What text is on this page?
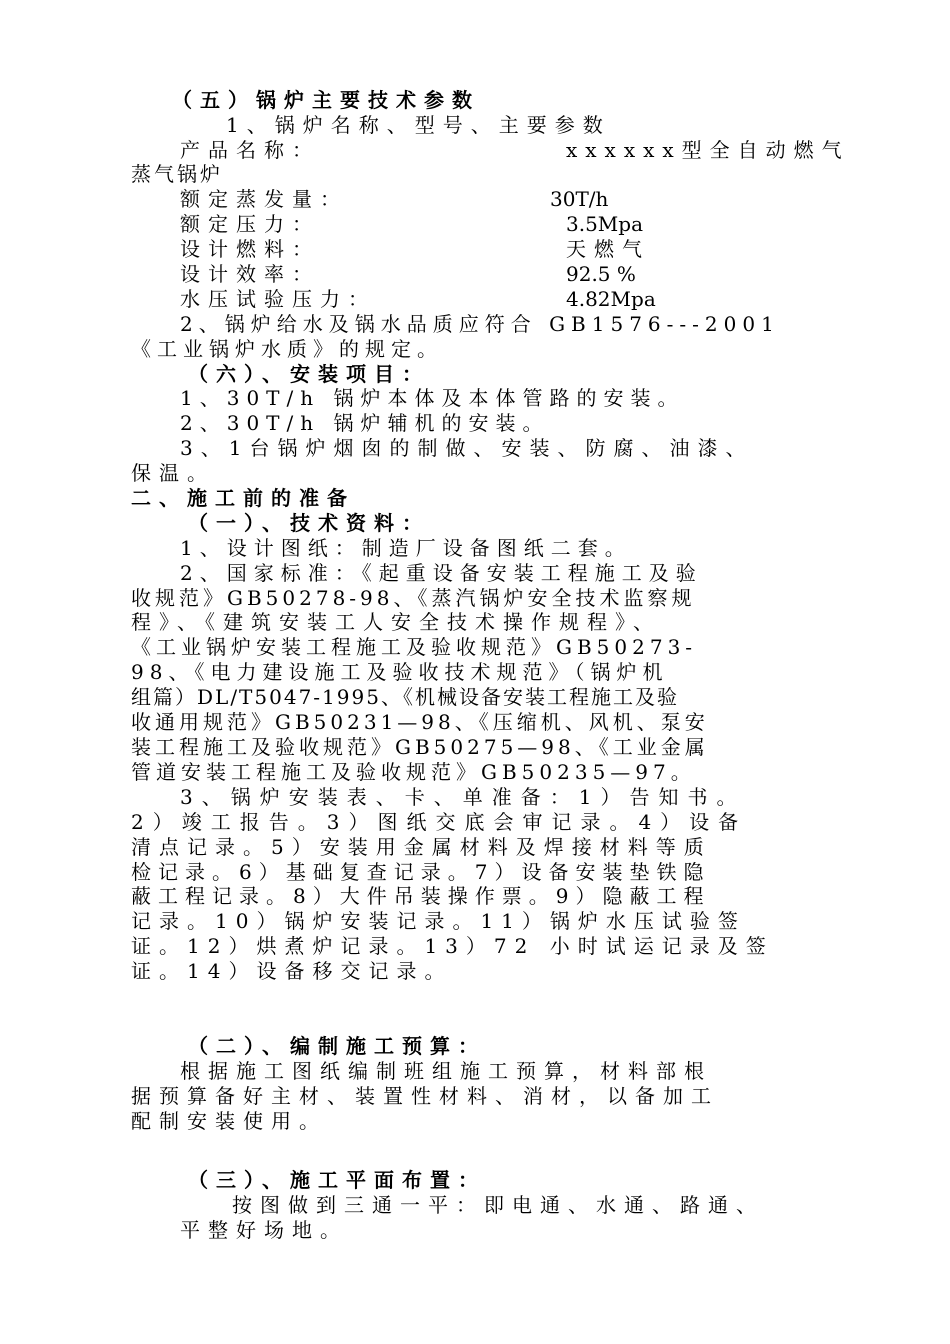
（五）锅炉主要技术参数
1、锅炉名称、型号、主要参数
产品名称：	xxxxxx型全自动燃气
蒸气锅炉
额定蒸发量：	30T/h
额定压力：	3.5Mpa
设计燃料：	天燃气
设计效率：	92.5 %
水压试验压力：	4.82Mpa
2、锅炉给水及锅水品质应符合 GB1576---2001
《工业锅炉水质》的规定。
（六）、安装项目：
1、30T/h 锅炉本体及本体管路的安装。
2、30T/h 锅炉辅机的安装。
3、1台锅炉烟囱的制做、安装、防腐、油漆、
保温。
二、施工前的准备
（一）、技术资料：
1、设计图纸：制造厂设备图纸二套。
2、国家标准：《起重设备安装工程施工及验
收规范》GB50278-98、《蒸汽锅炉安全技术监察规
程》、《建筑安装工人安全技术操作规程》、
《工业锅炉安装工程施工及验收规范》GB50273-
98、《电力建设施工及验收技术规范》（锅炉机
组篇）DL/T5047-1995、《机械设备安装工程施工及验
收通用规范》GB50231—98、《压缩机、风机、泵安
装工程施工及验收规范》GB50275—98、《工业金属
管道安装工程施工及验收规范》GB50235—97。
3、锅炉安装表、卡、单准备：1）告知书。
2）竣工报告。3）图纸交底会审记录。4）设备
清点记录。5）安装用金属材料及焊接材料等质
检记录。6）基础复查记录。7）设备安装垫铁隐
蔽工程记录。8）大件吊装操作票。9）隐蔽工程
记录。10）锅炉安装记录。11）锅炉水压试验签
证。12）烘煮炉记录。13）72 小时试运记录及签
证。14）设备移交记录。
（二）、编制施工预算：
根据施工图纸编制班组施工预算，材料部根
据预算备好主材、装置性材料、消材，以备加工
配制安装使用。
（三）、施工平面布置：
按图做到三通一平：即电通、水通、路通、
平整好场地。
